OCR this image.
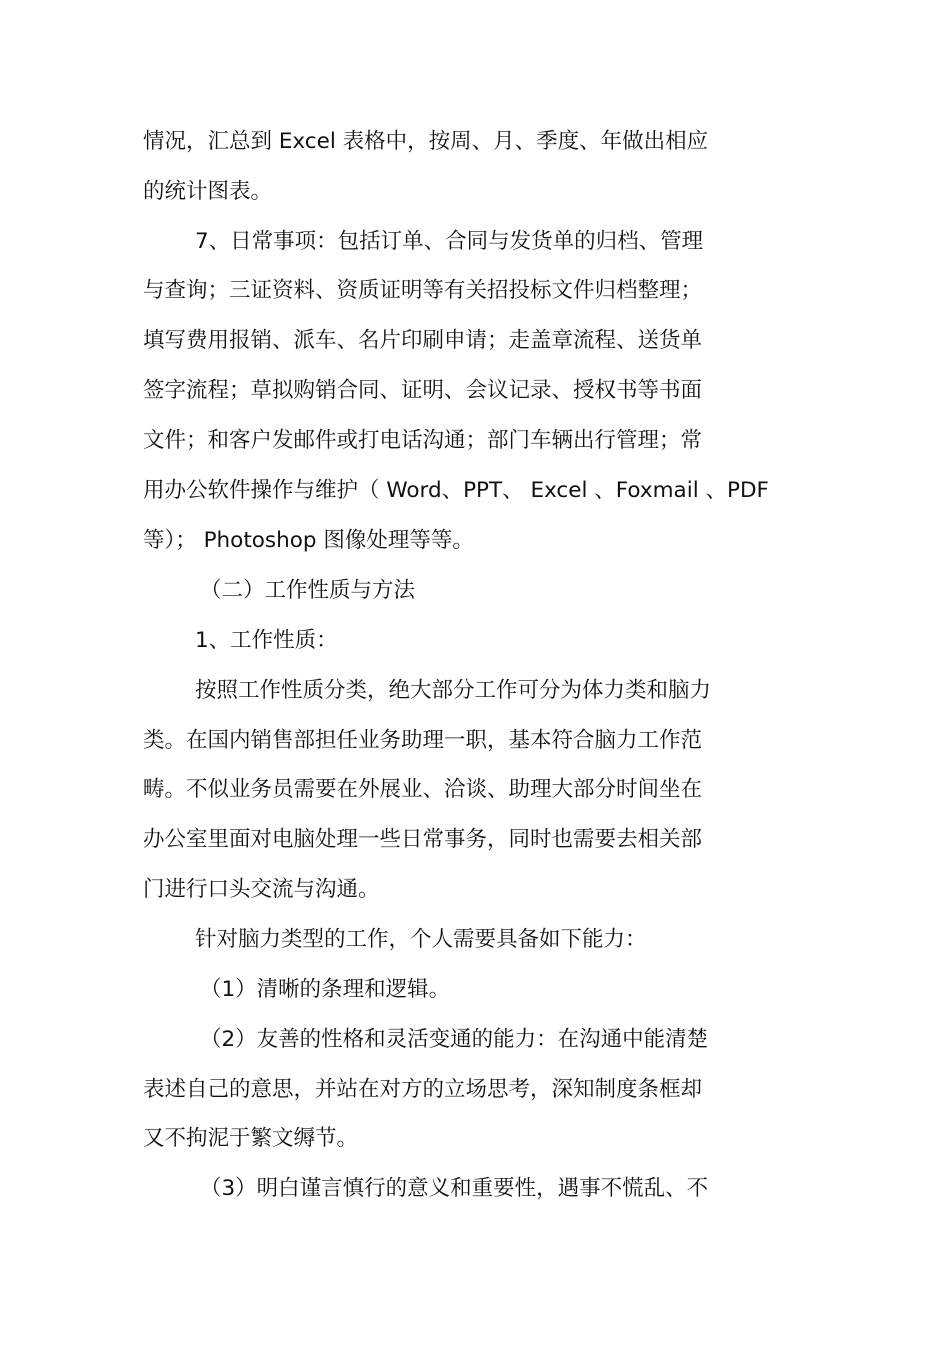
情况，汇总到 Excel 表格中，按周、月、季度、年做出相应
的统计图表。
7、日常事项：包括订单、合同与发货单的归档、管理
与查询；三证资料、资质证明等有关招投标文件归档整理；
填写费用报销、派车、名片印刷申请；走盖章流程、送货单
签字流程；草拟购销合同、证明、会议记录、授权书等书面
文件；和客户发邮件或打电话沟通；部门车辆出行管理；常
用办公软件操作与维护（ Word、PPT、 Excel 、Foxmail 、PDF
等）； Photoshop 图像处理等等。
（二）工作性质与方法
1、工作性质：
按照工作性质分类，绝大部分工作可分为体力类和脑力
类。在国内销售部担任业务助理一职，基本符合脑力工作范
畴。不似业务员需要在外展业、洽谈、助理大部分时间坐在
办公室里面对电脑处理一些日常事务，同时也需要去相关部
门进行口头交流与沟通。
针对脑力类型的工作，个人需要具备如下能力：
（1）清晰的条理和逻辑。
（2）友善的性格和灵活变通的能力：在沟通中能清楚
表述自己的意思，并站在对方的立场思考，深知制度条框却
又不拘泥于繁文缛节。
（3）明白谨言慎行的意义和重要性，遇事不慌乱、不
